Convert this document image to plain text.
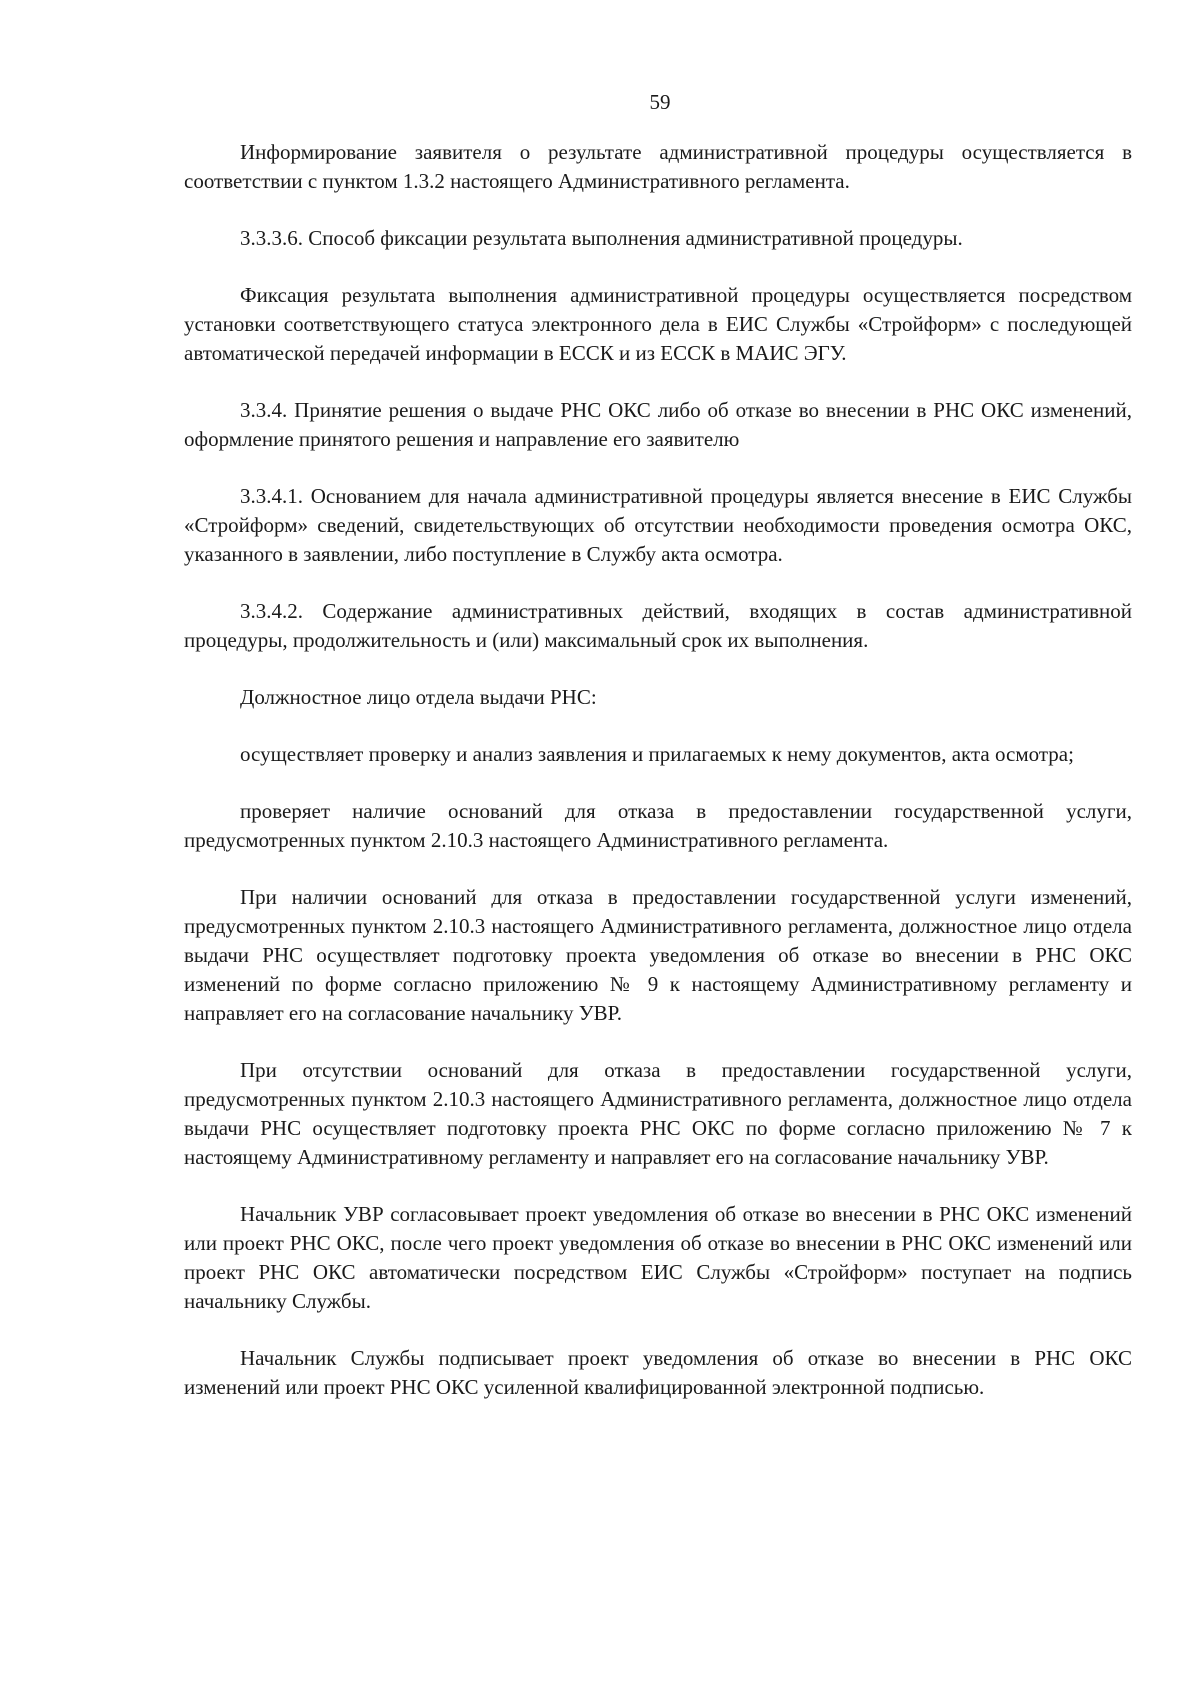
59

Информирование заявителя о результате административной процедуры осуществляется в соответствии с пунктом 1.3.2 настоящего Административного регламента.

3.3.3.6. Способ фиксации результата выполнения административной процедуры.

Фиксация результата выполнения административной процедуры осуществляется посредством установки соответствующего статуса электронного дела в ЕИС Службы «Стройформ» с последующей автоматической передачей информации в ЕССК и из ЕССК в МАИС ЭГУ.

3.3.4. Принятие решения о выдаче РНС ОКС либо об отказе во внесении в РНС ОКС изменений, оформление принятого решения и направление его заявителю

3.3.4.1. Основанием для начала административной процедуры является внесение в ЕИС Службы «Стройформ» сведений, свидетельствующих об отсутствии необходимости проведения осмотра ОКС, указанного в заявлении, либо поступление в Службу акта осмотра.

3.3.4.2. Содержание административных действий, входящих в состав административной процедуры, продолжительность и (или) максимальный срок их выполнения.

Должностное лицо отдела выдачи РНС:

осуществляет проверку и анализ заявления и прилагаемых к нему документов, акта осмотра;

проверяет наличие оснований для отказа в предоставлении государственной услуги, предусмотренных пунктом 2.10.3 настоящего Административного регламента.

При наличии оснований для отказа в предоставлении государственной услуги изменений, предусмотренных пунктом 2.10.3 настоящего Административного регламента, должностное лицо отдела выдачи РНС осуществляет подготовку проекта уведомления об отказе во внесении в РНС ОКС изменений по форме согласно приложению № 9 к настоящему Административному регламенту и направляет его на согласование начальнику УВР.

При отсутствии оснований для отказа в предоставлении государственной услуги, предусмотренных пунктом 2.10.3 настоящего Административного регламента, должностное лицо отдела выдачи РНС осуществляет подготовку проекта РНС ОКС по форме согласно приложению № 7 к настоящему Административному регламенту и направляет его на согласование начальнику УВР.

Начальник УВР согласовывает проект уведомления об отказе во внесении в РНС ОКС изменений или проект РНС ОКС, после чего проект уведомления об отказе во внесении в РНС ОКС изменений или проект РНС ОКС автоматически посредством ЕИС Службы «Стройформ» поступает на подпись начальнику Службы.

Начальник Службы подписывает проект уведомления об отказе во внесении в РНС ОКС изменений или проект РНС ОКС усиленной квалифицированной электронной подписью.
